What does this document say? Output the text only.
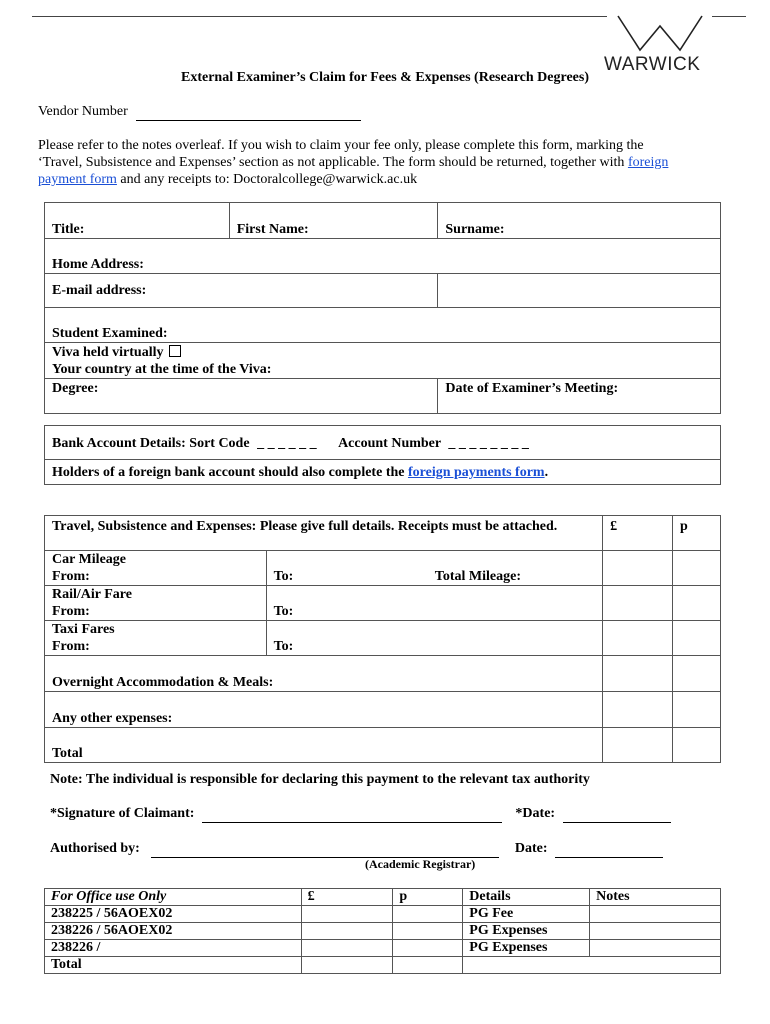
WARWICK
External Examiner’s Claim for Fees & Expenses (Research Degrees)
Vendor Number
Please refer to the notes overleaf. If you wish to claim your fee only, please complete this form, marking the ‘Travel, Subsistence and Expenses’ section as not applicable. The form should be returned, together with foreign payment form and any receipts to: Doctoralcollege@warwick.ac.uk
Title:	First Name:	Surname:
Home Address:		
E-mail address:		
Student Examined:		

Viva held virtually
Your country at the time of the Viva:		

Degree:		Date of Examiner’s Meeting:
Bank Account Details: Sort Code _ _ _ _ _ _ Account Number _ _ _ _ _ _ _ _
Holders of a foreign bank account should also complete the foreign payments form.
Travel, Subsistence and Expenses: Please give full details. Receipts must be attached.		£	p

Car Mileage
From:	To: Total Mileage:		

Rail/Air Fare
From:	To:		

Taxi Fares
From:	To:		
Overnight Accommodation & Meals:			
Any other expenses:			
Total			
Note: The individual is responsible for declaring this payment to the relevant tax authority
*Signature of Claimant:	*Date:
Authorised by:	Date:
(Academic Registrar)
For Office use Only	£	p	Details	Notes
238225 / 56AOEX02			PG Fee	
238226 / 56AOEX02			PG Expenses	
238226 /			PG Expenses	
Total				
